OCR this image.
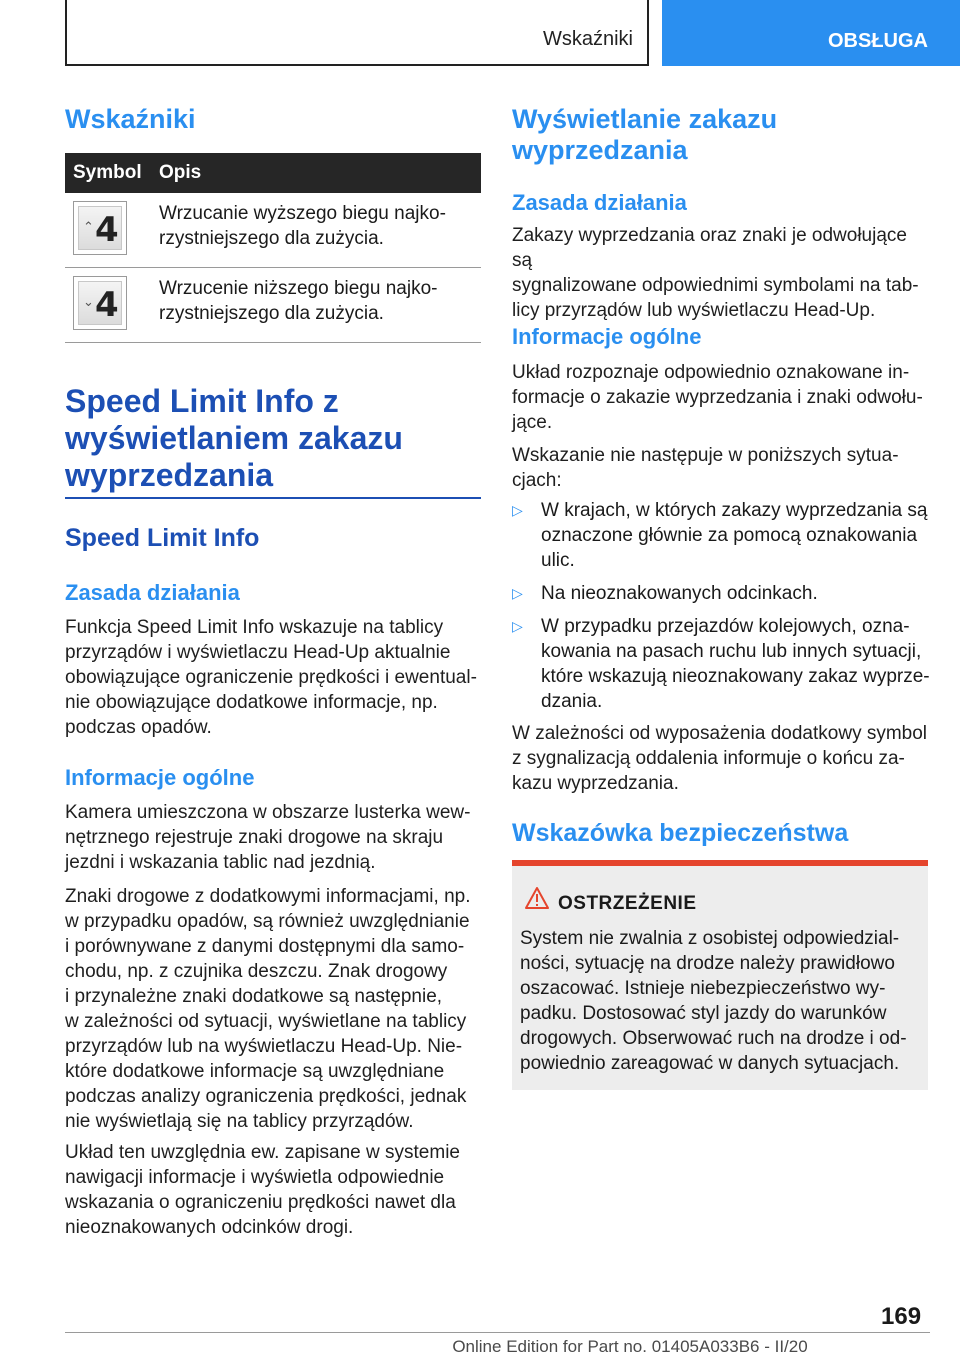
Wskaźniki	OBSŁUGA
Wskaźniki
Symbol Opis
⌃ 4 Wrzucanie wyższego biegu najko-
rzystniejszego dla zużycia.
⌄ 4 Wrzucenie niższego biegu najko-
rzystniejszego dla zużycia.
Speed Limit Info z
wyświetlaniem zakazu
wyprzedzania
Speed Limit Info
Zasada działania
Funkcja Speed Limit Info wskazuje na tablicy
przyrządów i wyświetlaczu Head-Up aktualnie
obowiązujące ograniczenie prędkości i ewentual-
nie obowiązujące dodatkowe informacje, np.
podczas opadów.
Informacje ogólne
Kamera umieszczona w obszarze lusterka wew-
nętrznego rejestruje znaki drogowe na skraju
jezdni i wskazania tablic nad jezdnią.
Znaki drogowe z dodatkowymi informacjami, np.
w przypadku opadów, są również uwzględnianie
i porównywane z danymi dostępnymi dla samo-
chodu, np. z czujnika deszczu. Znak drogowy
i przynależne znaki dodatkowe są następnie,
w zależności od sytuacji, wyświetlane na tablicy
przyrządów lub na wyświetlaczu Head-Up. Nie-
które dodatkowe informacje są uwzględniane
podczas analizy ograniczenia prędkości, jednak
nie wyświetlają się na tablicy przyrządów.
Układ ten uwzględnia ew. zapisane w systemie
nawigacji informacje i wyświetla odpowiednie
wskazania o ograniczeniu prędkości nawet dla
nieoznakowanych odcinków drogi.
Wyświetlanie zakazu
wyprzedzania
Zasada działania
Zakazy wyprzedzania oraz znaki je odwołujące są
sygnalizowane odpowiednimi symbolami na tab-
licy przyrządów lub wyświetlaczu Head-Up.
Informacje ogólne
Układ rozpoznaje odpowiednio oznakowane in-
formacje o zakazie wyprzedzania i znaki odwołu-
jące.
Wskazanie nie następuje w poniższych sytua-
cjach:
▷ W krajach, w których zakazy wyprzedzania są
oznaczone głównie za pomocą oznakowania
ulic.
▷ Na nieoznakowanych odcinkach.
▷ W przypadku przejazdów kolejowych, ozna-
kowania na pasach ruchu lub innych sytuacji,
które wskazują nieoznakowany zakaz wyprze-
dzania.
W zależności od wyposażenia dodatkowy symbol
z sygnalizacją oddalenia informuje o końcu za-
kazu wyprzedzania.
Wskazówka bezpieczeństwa
OSTRZEŻENIE
System nie zwalnia z osobistej odpowiedzial-
ności, sytuację na drodze należy prawidłowo
oszacować. Istnieje niebezpieczeństwo wy-
padku. Dostosować styl jazdy do warunków
drogowych. Obserwować ruch na drodze i od-
powiednio zareagować w danych sytuacjach.
169
Online Edition for Part no. 01405A033B6 - II/20
